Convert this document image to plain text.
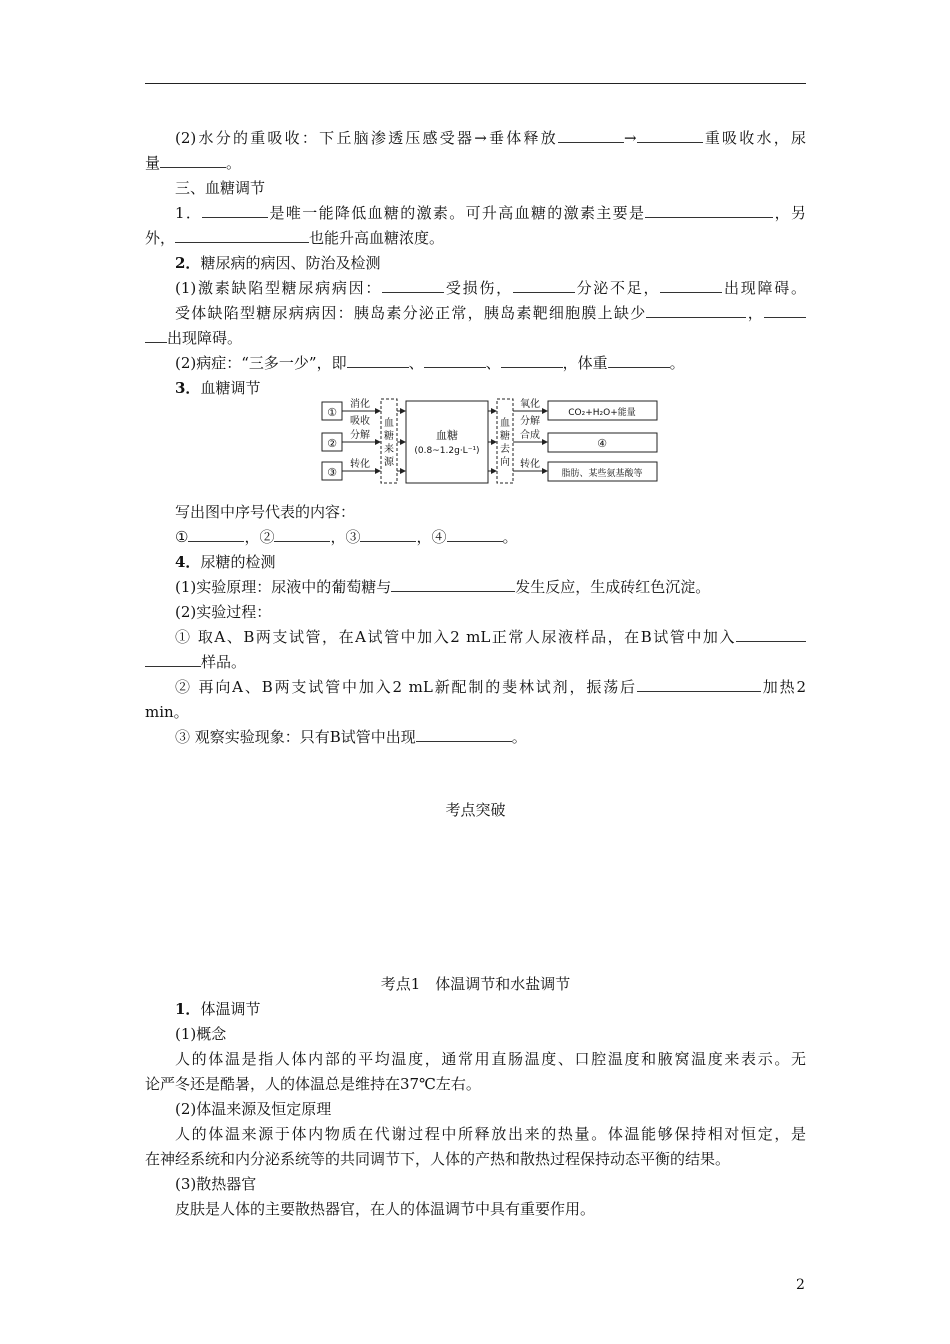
(2)水分的重吸收：下丘脑渗透压感受器→垂体释放	→	重吸收水，尿
量	。
三、血糖调节
1．	是唯一能降低血糖的激素。可升高血糖的激素主要是	，另
外，	也能升高血糖浓度。
2．糖尿病的病因、防治及检测
(1)激素缺陷型糖尿病病因：	受损伤，	分泌不足，	出现障碍。
受体缺陷型糖尿病病因：胰岛素分泌正常，胰岛素靶细胞膜上缺少	，
出现障碍。
(2)病症：“三多一少”，即	、	、	，体重	。
3．血糖调节
①
②
③
消化
吸收
分解
转化
血
糖
来
源
血糖
(0.8~1.2g·L⁻¹)
血
糖
去
向
氧化
分解
合成
转化
CO₂+H₂O+能量
④
脂肪、某些氨基酸等
写出图中序号代表的内容：
①	，②	，③	，④	。
4．尿糖的检测
(1)实验原理：尿液中的葡萄糖与	发生反应，生成砖红色沉淀。
(2)实验过程：
① 取A、B两支试管，在A试管中加入2 mL正常人尿液样品，在B试管中加入
样品。
② 再向A、B两支试管中加入2 mL新配制的斐林试剂，振荡后	加热2
min。
③ 观察实验现象：只有B试管中出现	。
考点突破
考点1　体温调节和水盐调节
1．体温调节
(1)概念
人的体温是指人体内部的平均温度，通常用直肠温度、口腔温度和腋窝温度来表示。无
论严冬还是酷暑，人的体温总是维持在37℃左右。
(2)体温来源及恒定原理
人的体温来源于体内物质在代谢过程中所释放出来的热量。体温能够保持相对恒定，是
在神经系统和内分泌系统等的共同调节下，人体的产热和散热过程保持动态平衡的结果。
(3)散热器官
皮肤是人体的主要散热器官，在人的体温调节中具有重要作用。
2
